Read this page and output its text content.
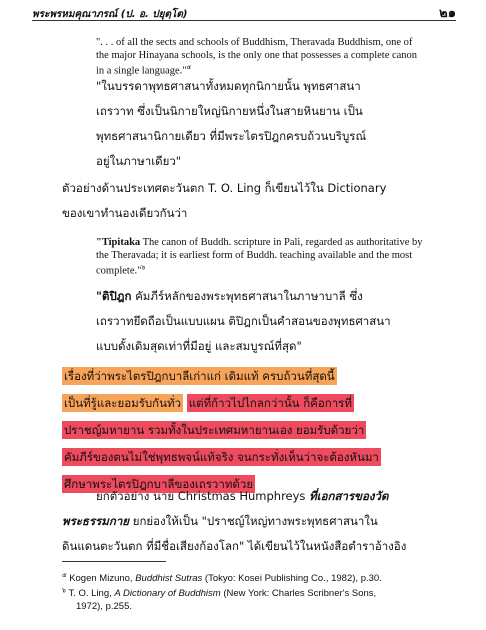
พระพรหมคุณาภรณ์ (ป. อ. ปยุตฺโต)	๒๑
". . . of all the sects and schools of Buddhism, Theravada Buddhism, one of the major Hinayana schools, is the only one that possesses a complete canon in a single language."$^๕$
"ในบรรดาพุทธศาสนาทั้งหมดทุกนิกายนั้น พุทธศาสนา
เถรวาท ซึ่งเป็นนิกายใหญ่นิกายหนึ่งในสายหินยาน เป็น
พุทธศาสนานิกายเดียว ที่มีพระไตรปิฎกครบถ้วนบริบูรณ์
อยู่ในภาษาเดียว"
ตัวอย่างด้านประเทศตะวันตก T. O. Ling ก็เขียนไว้ใน Dictionary
ของเขาทำนองเดียวกันว่า
"Tipitaka The canon of Buddh. scripture in Pali, regarded as authoritative by the Theravada; it is earliest form of Buddh. teaching available and the most complete."$^๖$
"ติปิฎก คัมภีร์หลักของพระพุทธศาสนาในภาษาบาลี ซึ่ง
เถรวาทยึดถือเป็นแบบแผน ติปิฎกเป็นคำสอนของพุทธศาสนา
แบบดั้งเดิมสุดเท่าที่มีอยู่ และสมบูรณ์ที่สุด"
เรื่องที่ว่าพระไตรปิฎกบาลีเก่าแก่ เดิมแท้ ครบถ้วนที่สุดนี้
เป็นที่รู้และยอมรับกันทั่ว แต่ที่ก้าวไปไกลกว่านั้น ก็คือการที่
ปราชญ์มหายาน รวมทั้งในประเทศมหายานเอง ยอมรับด้วยว่า
คัมภีร์ของตนไม่ใช่พุทธพจน์แท้จริง จนกระทั่งเห็นว่าจะต้องหันมา
ศึกษาพระไตรปิฎกบาลีของเถรวาทด้วย
ยกตัวอย่าง นาย Christmas Humphreys ที่เอกสารของวัด
พระธรรมกาย ยกย่องให้เป็น "ปราชญ์ใหญ่ทางพระพุทธศาสนาใน
ดินแดนตะวันตก ที่มีชื่อเสียงก้องโลก" ได้เขียนไว้ในหนังสือตำราอ้างอิง
$^๕$ Kogen Mizuno, Buddhist Sutras (Tokyo: Kosei Publishing Co., 1982), p.30.
$^๖$ T. O. Ling, A Dictionary of Buddhism (New York: Charles Scribner's Sons,
1972), p.255.
